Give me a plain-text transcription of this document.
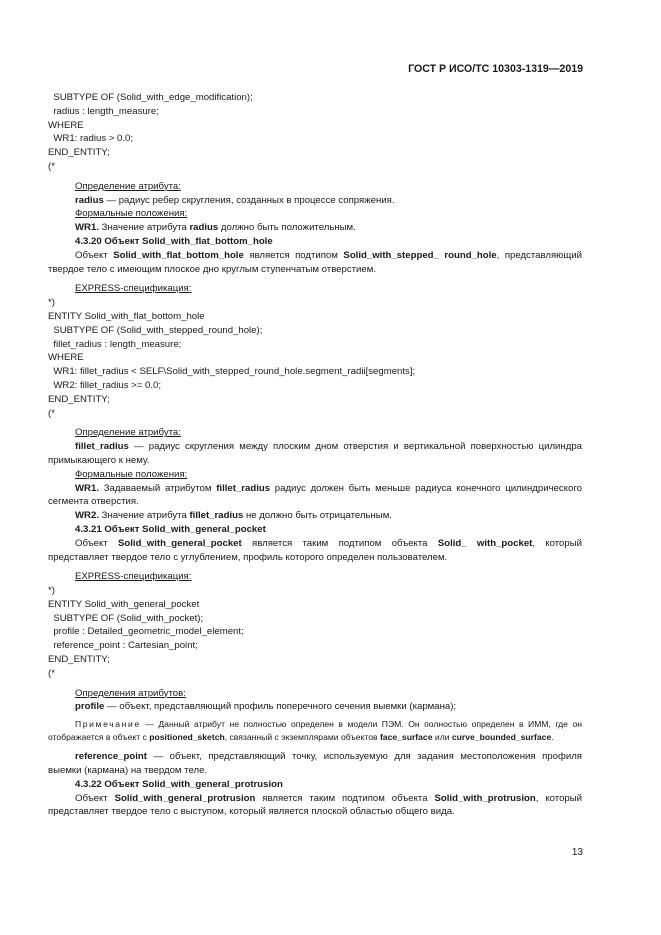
ГОСТ Р ИСО/ТС 10303-1319—2019
SUBTYPE OF (Solid_with_edge_modification);
radius : length_measure;
WHERE
WR1: radius > 0.0;
END_ENTITY;
(*

Определение атрибута:

radius — радиус ребер скругления, созданных в процессе сопряжения.

Формальные положения:

WR1. Значение атрибута radius должно быть положительным.

4.3.20 Объект Solid_with_flat_bottom_hole

Объект Solid_with_flat_bottom_hole является подтипом Solid_with_stepped_ round_hole, представляющий твердое тело с имеющим плоское дно круглым ступенчатым отверстием.

EXPRESS-спецификация:

*)
ENTITY Solid_with_flat_bottom_hole
SUBTYPE OF (Solid_with_stepped_round_hole);
fillet_radius : length_measure;
WHERE
WR1: fillet_radius < SELF\Solid_with_stepped_round_hole.segment_radii[segments];
WR2: fillet_radius >= 0.0;
END_ENTITY;
(*

Определение атрибута:

fillet_radius — радиус скругления между плоским дном отверстия и вертикальной поверхностью цилиндра примыкающего к нему.

Формальные положения:

WR1. Задаваемый атрибутом fillet_radius радиус должен быть меньше радиуса конечного цилиндрического сегмента отверстия.

WR2. Значение атрибута fillet_radius не должно быть отрицательным.

4.3.21 Объект Solid_with_general_pocket

Объект Solid_with_general_pocket является таким подтипом объекта Solid_ with_pocket, который представляет твердое тело с углублением, профиль которого определен пользователем.

EXPRESS-спецификация:

*)
ENTITY Solid_with_general_pocket
SUBTYPE OF (Solid_with_pocket);
profile : Detailed_geometric_model_element;
reference_point : Cartesian_point;
END_ENTITY;
(*

Определения атрибутов:

profile — объект, представляющий профиль поперечного сечения выемки (кармана);

Примечание — Данный атрибут не полностью определен в модели ПЭМ. Он полностью определен в ИММ, где он отображается в объект с positioned_sketch, связанный с экземплярами объектов face_surface или curve_bounded_surface.

reference_point — объект, представляющий точку, используемую для задания местоположения профиля выемки (кармана) на твердом теле.

4.3.22 Объект Solid_with_general_protrusion

Объект Solid_with_general_protrusion является таким подтипом объекта Solid_with_protrusion, который представляет твердое тело с выступом, который является плоской областью общего вида.

13
